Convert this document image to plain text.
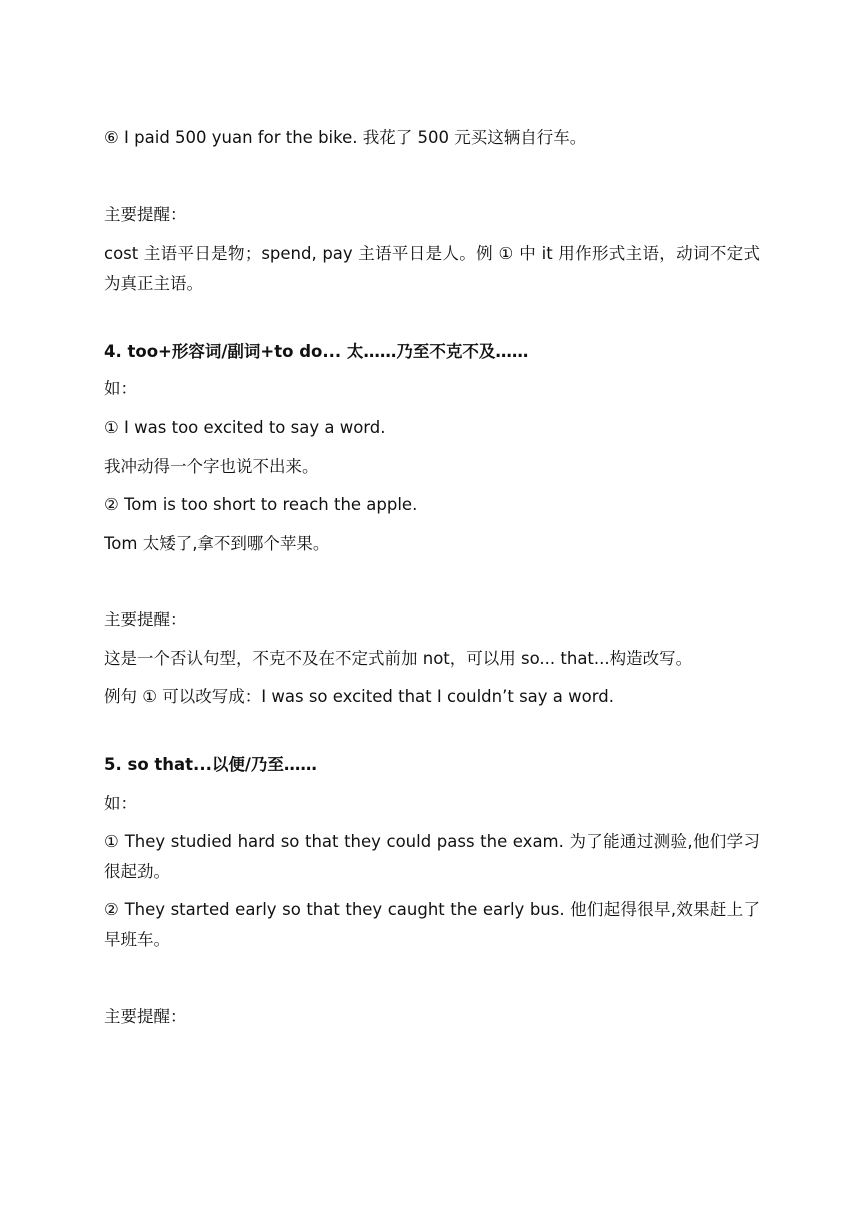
⑥ I paid 500 yuan for the bike. 我花了 500 元买这辆自行车。
主要提醒：
cost 主语平日是物；spend, pay 主语平日是人。例 ① 中 it 用作形式主语，动词不定式为真正主语。
4. too+形容词/副词+to do... 太……乃至不克不及……
如：
① I was too excited to say a word.
我冲动得一个字也说不出来。
② Tom is too short to reach the apple.
Tom 太矮了,拿不到哪个苹果。
主要提醒：
这是一个否认句型，不克不及在不定式前加 not，可以用 so... that...构造改写。
例句 ① 可以改写成：I was so excited that I couldn’t say a word.
5. so that...以便/乃至……
如：
① They studied hard so that they could pass the exam. 为了能通过测验,他们学习很起劲。
② They started early so that they caught the early bus. 他们起得很早,效果赶上了早班车。
主要提醒：
